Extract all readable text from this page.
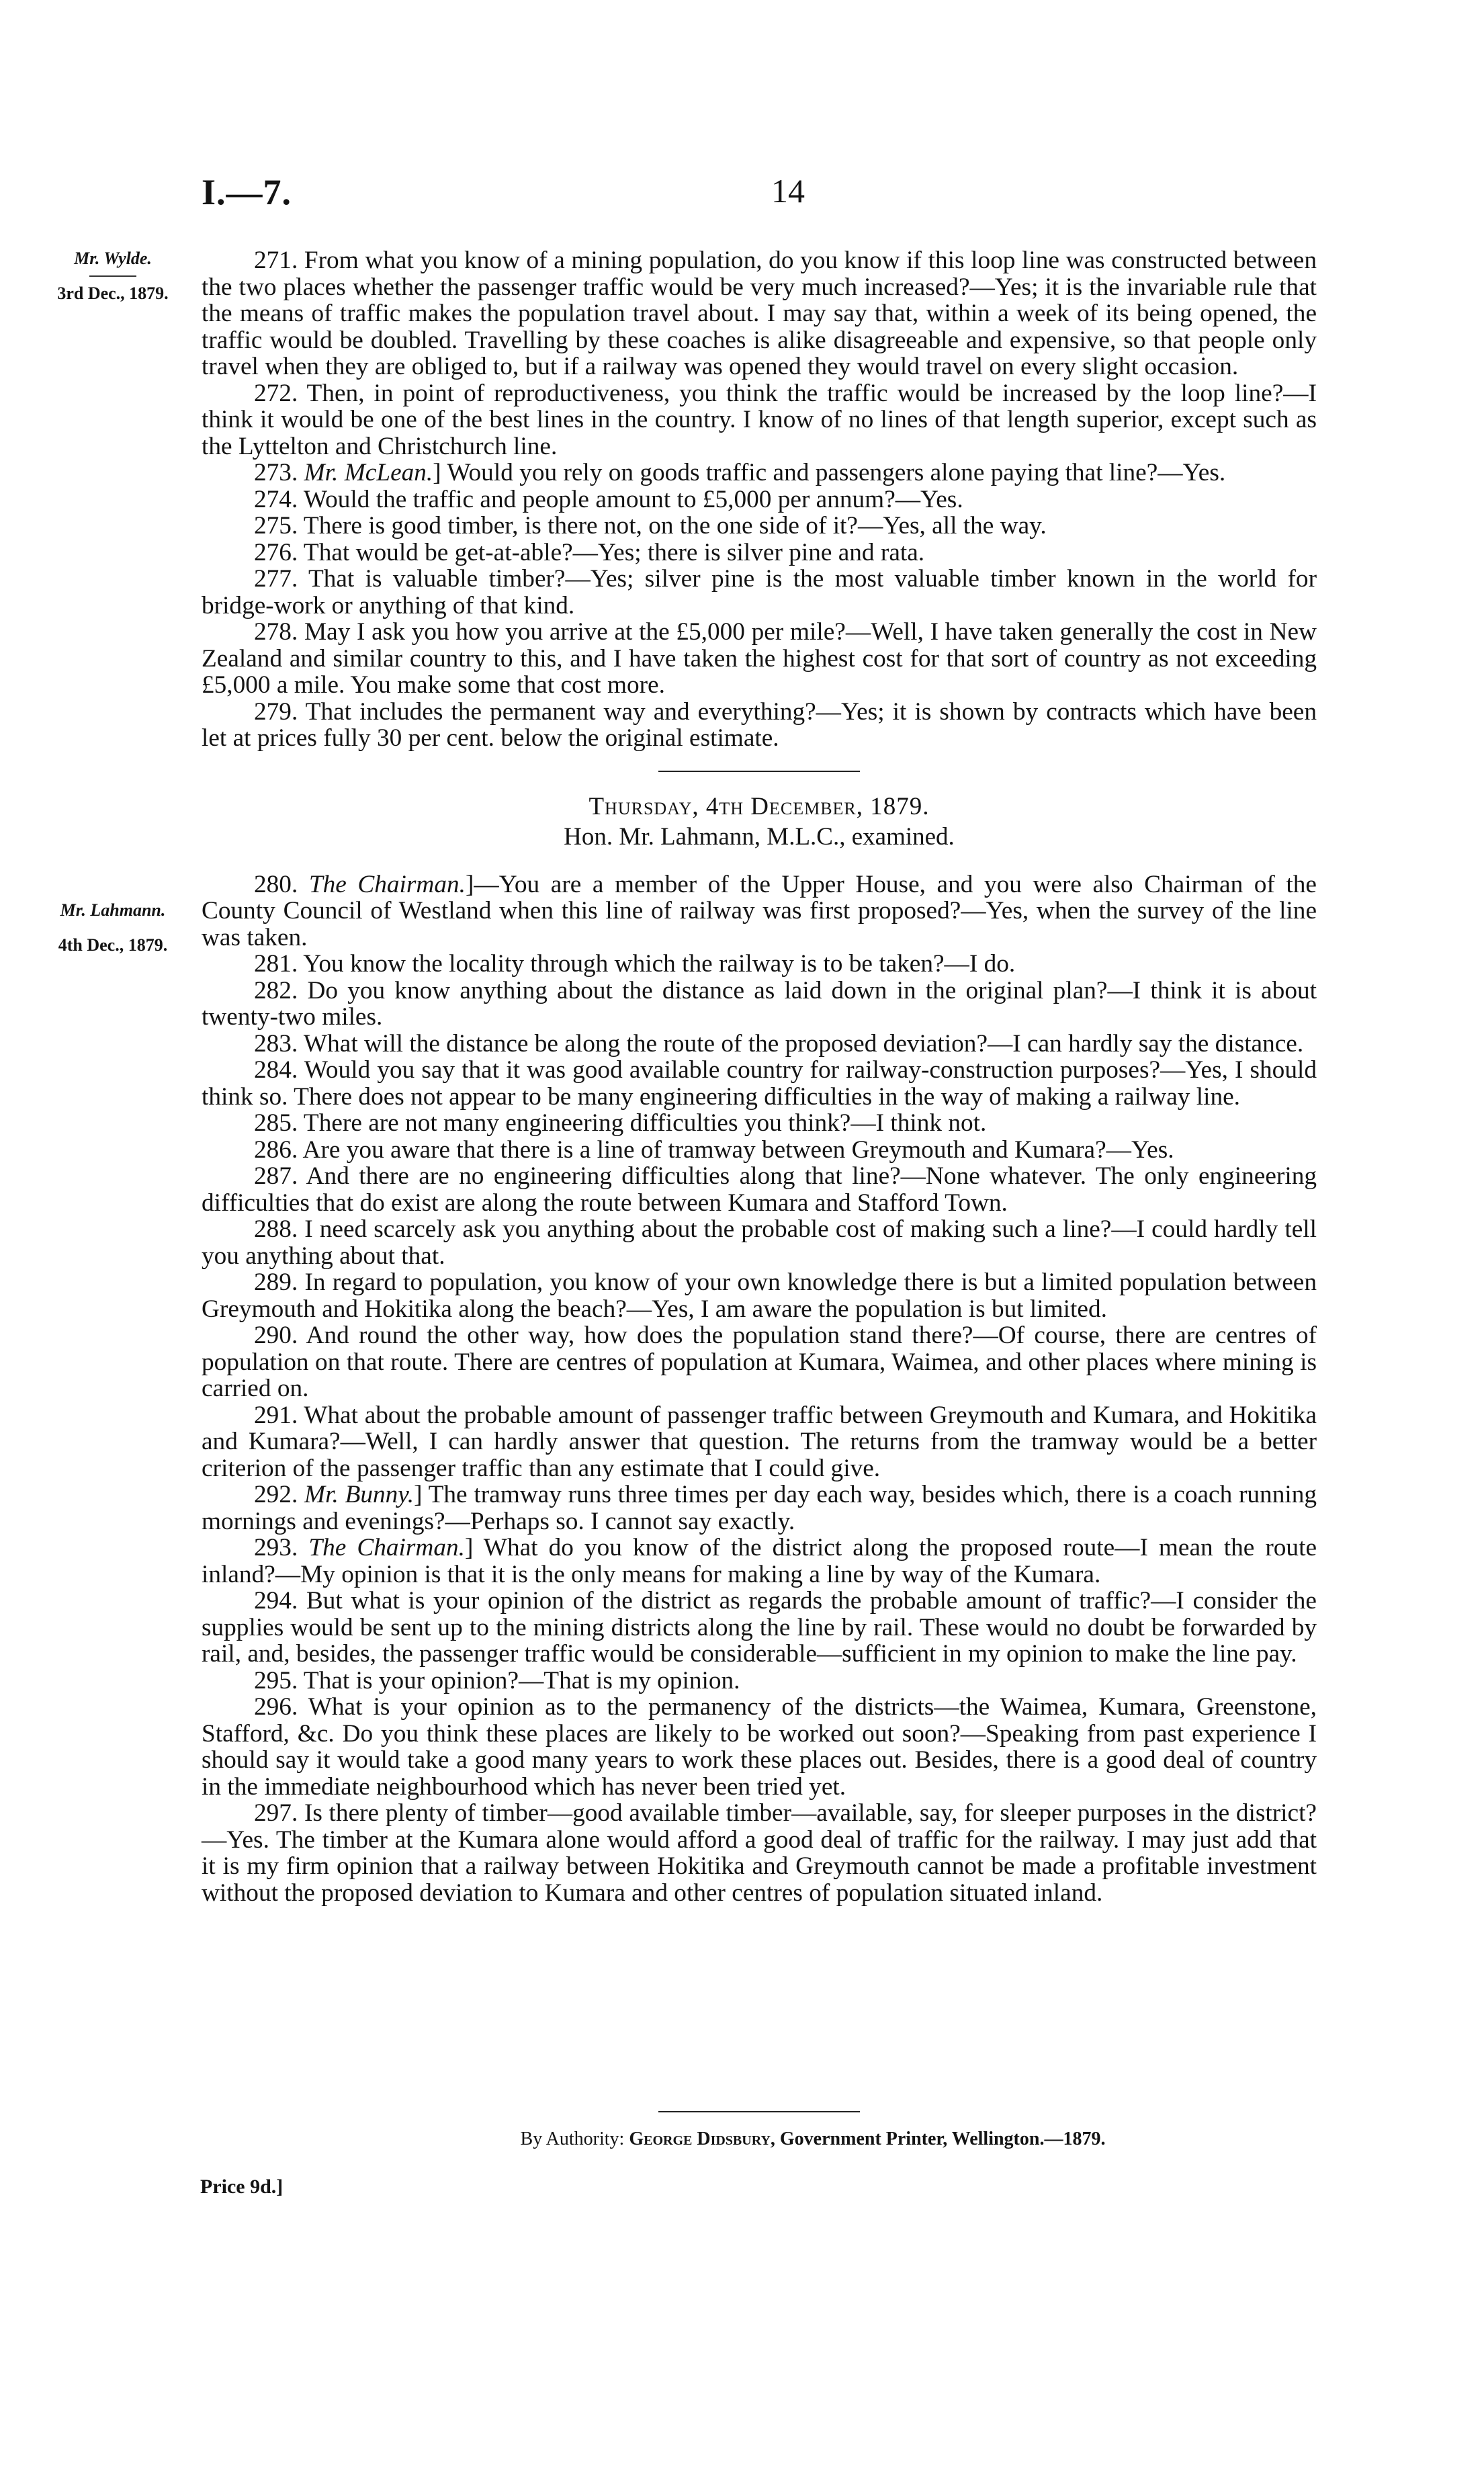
I.—7.	14
Mr. Wylde.
3rd Dec., 1879.
Mr. Lahmann.
4th Dec., 1879.

271. From what you know of a mining population, do you know if this loop line was constructed between the two places whether the passenger traffic would be very much increased?—Yes; it is the invariable rule that the means of traffic makes the population travel about. I may say that, within a week of its being opened, the traffic would be doubled. Travelling by these coaches is alike disagreeable and expensive, so that people only travel when they are obliged to, but if a railway was opened they would travel on every slight occasion.

272. Then, in point of reproductiveness, you think the traffic would be increased by the loop line?—I think it would be one of the best lines in the country. I know of no lines of that length superior, except such as the Lyttelton and Christchurch line.

273. Mr. McLean.] Would you rely on goods traffic and passengers alone paying that line?—Yes.

274. Would the traffic and people amount to £5,000 per annum?—Yes.

275. There is good timber, is there not, on the one side of it?—Yes, all the way.

276. That would be get-at-able?—Yes; there is silver pine and rata.

277. That is valuable timber?—Yes; silver pine is the most valuable timber known in the world for bridge-work or anything of that kind.

278. May I ask you how you arrive at the £5,000 per mile?—Well, I have taken generally the cost in New Zealand and similar country to this, and I have taken the highest cost for that sort of country as not exceeding £5,000 a mile. You make some that cost more.

279. That includes the permanent way and everything?—Yes; it is shown by contracts which have been let at prices fully 30 per cent. below the original estimate.

Thursday, 4th December, 1879.

Hon. Mr. Lahmann, M.L.C., examined.

280. The Chairman.]—You are a member of the Upper House, and you were also Chairman of the County Council of Westland when this line of railway was first proposed?—Yes, when the survey of the line was taken.

281. You know the locality through which the railway is to be taken?—I do.

282. Do you know anything about the distance as laid down in the original plan?—I think it is about twenty-two miles.

283. What will the distance be along the route of the proposed deviation?—I can hardly say the distance.

284. Would you say that it was good available country for railway-construction purposes?—Yes, I should think so. There does not appear to be many engineering difficulties in the way of making a railway line.

285. There are not many engineering difficulties you think?—I think not.

286. Are you aware that there is a line of tramway between Greymouth and Kumara?—Yes.

287. And there are no engineering difficulties along that line?—None whatever. The only engineering difficulties that do exist are along the route between Kumara and Stafford Town.

288. I need scarcely ask you anything about the probable cost of making such a line?—I could hardly tell you anything about that.

289. In regard to population, you know of your own knowledge there is but a limited population between Greymouth and Hokitika along the beach?—Yes, I am aware the population is but limited.

290. And round the other way, how does the population stand there?—Of course, there are centres of population on that route. There are centres of population at Kumara, Waimea, and other places where mining is carried on.

291. What about the probable amount of passenger traffic between Greymouth and Kumara, and Hokitika and Kumara?—Well, I can hardly answer that question. The returns from the tramway would be a better criterion of the passenger traffic than any estimate that I could give.

292. Mr. Bunny.] The tramway runs three times per day each way, besides which, there is a coach running mornings and evenings?—Perhaps so. I cannot say exactly.

293. The Chairman.] What do you know of the district along the proposed route—I mean the route inland?—My opinion is that it is the only means for making a line by way of the Kumara.

294. But what is your opinion of the district as regards the probable amount of traffic?—I consider the supplies would be sent up to the mining districts along the line by rail. These would no doubt be forwarded by rail, and, besides, the passenger traffic would be considerable—sufficient in my opinion to make the line pay.

295. That is your opinion?—That is my opinion.

296. What is your opinion as to the permanency of the districts—the Waimea, Kumara, Greenstone, Stafford, &c. Do you think these places are likely to be worked out soon?—Speaking from past experience I should say it would take a good many years to work these places out. Besides, there is a good deal of country in the immediate neighbourhood which has never been tried yet.

297. Is there plenty of timber—good available timber—available, say, for sleeper purposes in the district?—Yes. The timber at the Kumara alone would afford a good deal of traffic for the railway. I may just add that it is my firm opinion that a railway between Hokitika and Greymouth cannot be made a profitable investment without the proposed deviation to Kumara and other centres of population situated inland.

By Authority: George Didsbury, Government Printer, Wellington.—1879.
Price 9d.]
